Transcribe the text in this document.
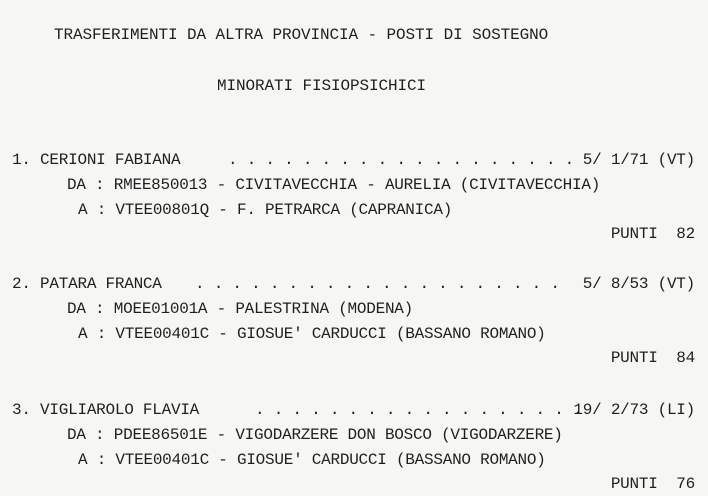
TRASFERIMENTI DA ALTRA PROVINCIA - POSTI DI SOSTEGNO
MINORATI FISIOPSICHICI
1. CERIONI FABIANA	. . . . . . . . . . . . . . . . . . . 5/ 1/71 (VT)
DA : RMEE850013 - CIVITAVECCHIA - AURELIA (CIVITAVECCHIA)
A : VTEE00801Q - F. PETRARCA (CAPRANICA)
PUNTI  82
2. PATARA FRANCA . . . . . . . . . . . . . . . . . . . . 5/ 8/53 (VT)
DA : MOEE01001A - PALESTRINA (MODENA)
A : VTEE00401C - GIOSUE' CARDUCCI (BASSANO ROMANO)
PUNTI  84
3. VIGLIAROLO FLAVIA	. . . . . . . . . . . . . . . . . .
19/ 2/73 (LI)
DA : PDEE86501E - VIGODARZERE DON BOSCO (VIGODARZERE)
A : VTEE00401C - GIOSUE' CARDUCCI (BASSANO ROMANO)
PUNTI  76
